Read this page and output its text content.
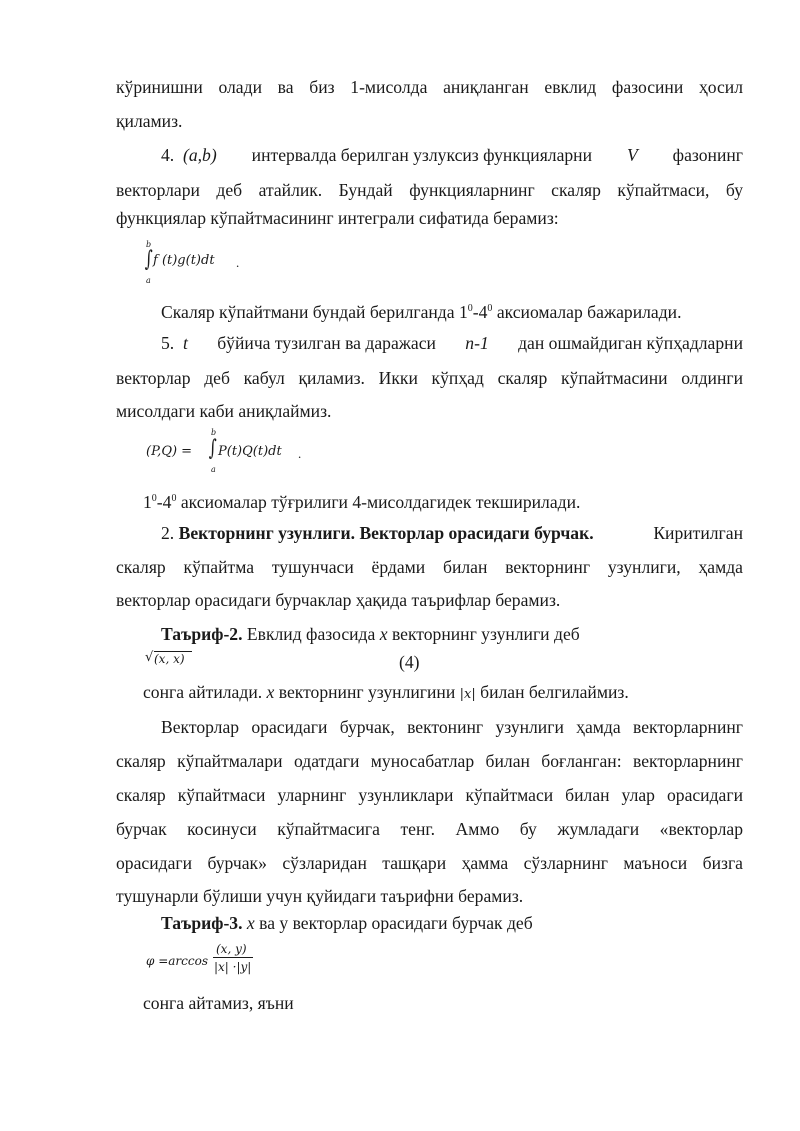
кўринишни олади ва биз 1-мисолда аниқланган евклид фазосини ҳосил
қиламиз.
4. (a,b) интервалда берилган узлуксиз функцияларни V фазонинг
векторлари деб атайлик. Бундай функцияларнинг скаляр кўпайтмаси, бу
функциялар кўпайтмасининг интеграли сифатида берамиз:
b
∫
a
f (t)g(t)dt .
Скаляр кўпайтмани бундай берилганда $1^0-4^0$ аксиомалар бажарилади.
5. t бўйича тузилган ва даражаси n-1 дан ошмайдиган кўпҳадларни
векторлар деб кабул қиламиз. Икки кўпҳад скаляр кўпайтмасини олдинги
мисолдаги каби аниқлаймиз.
(P,Q) =
b
∫
a
P(t)Q(t)dt .
$1^0-4^0$ аксиомалар тўғрилиги 4-мисолдагидек текширилади.
2. Векторнинг узунлиги. Векторлар орасидаги бурчак.	Киритилган
скаляр кўпайтма тушунчаси ёрдами билан векторнинг узунлиги, ҳамда
векторлар орасидаги бурчаклар ҳақида таърифлар берамиз.
Таъриф-2. Евклид фазосида x векторнинг узунлиги деб
√ (x, x)	(4)
сонга айтилади. x векторнинг узунлигини |x| билан белгилаймиз.
Векторлар орасидаги бурчак, вектонинг узунлиги ҳамда векторларнинг
скаляр кўпайтмалари одатдаги муносабатлар билан боғланган: векторларнинг
скаляр кўпайтмаси уларнинг узунликлари кўпайтмаси билан улар орасидаги
бурчак косинуси кўпайтмасига тенг. Аммо бу жумладаги «векторлар
орасидаги бурчак» сўзларидан ташқари ҳамма сўзларнинг маъноси бизга
тушунарли бўлиши учун қуйидаги таърифни берамиз.
Таъриф-3. x ва у векторлар орасидаги бурчак деб
φ =arccos
(x, y)
|x| ·|y|
сонга айтамиз, яъни
